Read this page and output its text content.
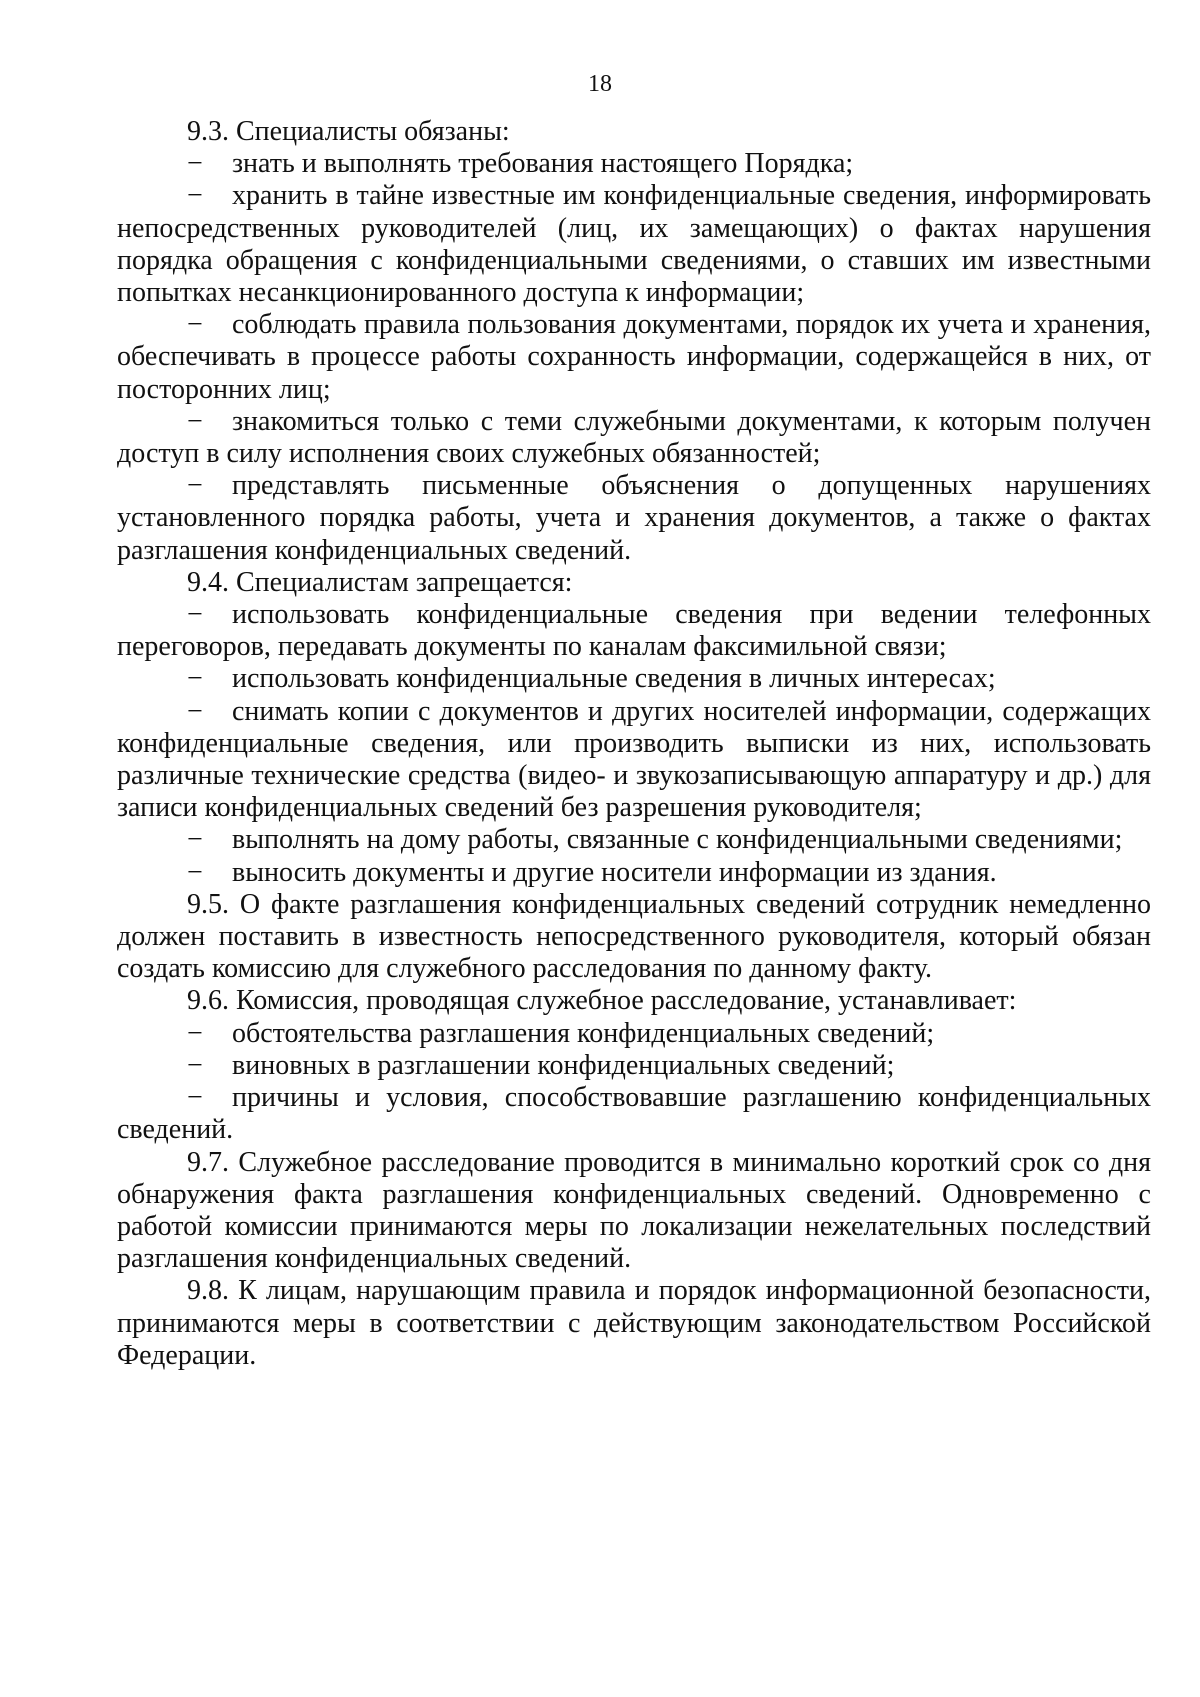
18

9.3. Специалисты обязаны:

− знать и выполнять требования настоящего Порядка;

− хранить в тайне известные им конфиденциальные сведения, информировать непосредственных руководителей (лиц, их замещающих) о фактах нарушения порядка обращения с конфиденциальными сведениями, о ставших им известными попытках несанкционированного доступа к информации;

− соблюдать правила пользования документами, порядок их учета и хранения, обеспечивать в процессе работы сохранность информации, содержащейся в них, от посторонних лиц;

− знакомиться только с теми служебными документами, к которым получен доступ в силу исполнения своих служебных обязанностей;

− представлять письменные объяснения о допущенных нарушениях установленного порядка работы, учета и хранения документов, а также о фактах разглашения конфиденциальных сведений.

9.4. Специалистам запрещается:

− использовать конфиденциальные сведения при ведении телефонных переговоров, передавать документы по каналам факсимильной связи;

− использовать конфиденциальные сведения в личных интересах;

− снимать копии с документов и других носителей информации, содержащих конфиденциальные сведения, или производить выписки из них, использовать различные технические средства (видео- и звукозаписывающую аппаратуру и др.) для записи конфиденциальных сведений без разрешения руководителя;

− выполнять на дому работы, связанные с конфиденциальными сведениями;

− выносить документы и другие носители информации из здания.

9.5. О факте разглашения конфиденциальных сведений сотрудник немедленно должен поставить в известность непосредственного руководителя, который обязан создать комиссию для служебного расследования по данному факту.

9.6. Комиссия, проводящая служебное расследование, устанавливает:

− обстоятельства разглашения конфиденциальных сведений;

− виновных в разглашении конфиденциальных сведений;

− причины и условия, способствовавшие разглашению конфиденциальных сведений.

9.7. Служебное расследование проводится в минимально короткий срок со дня обнаружения факта разглашения конфиденциальных сведений. Одновременно с работой комиссии принимаются меры по локализации нежелательных последствий разглашения конфиденциальных сведений.

9.8. К лицам, нарушающим правила и порядок информационной безопасности, принимаются меры в соответствии с действующим законодательством Российской Федерации.
